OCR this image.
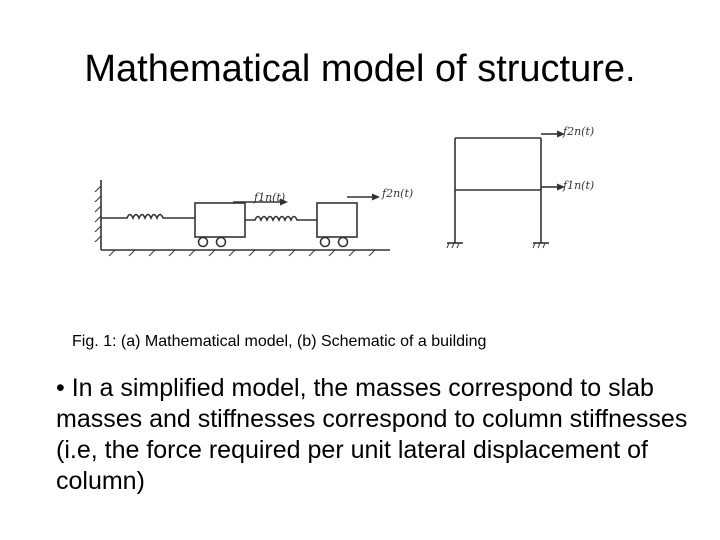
Mathematical model of structure.
f1n(t)	f2n(t)
f2n(t)
f1n(t)
Fig. 1: (a) Mathematical model, (b) Schematic of a building
• In a simplified model, the masses correspond to slab masses and stiffnesses correspond to column stiffnesses (i.e, the force required per unit lateral displacement of column)
